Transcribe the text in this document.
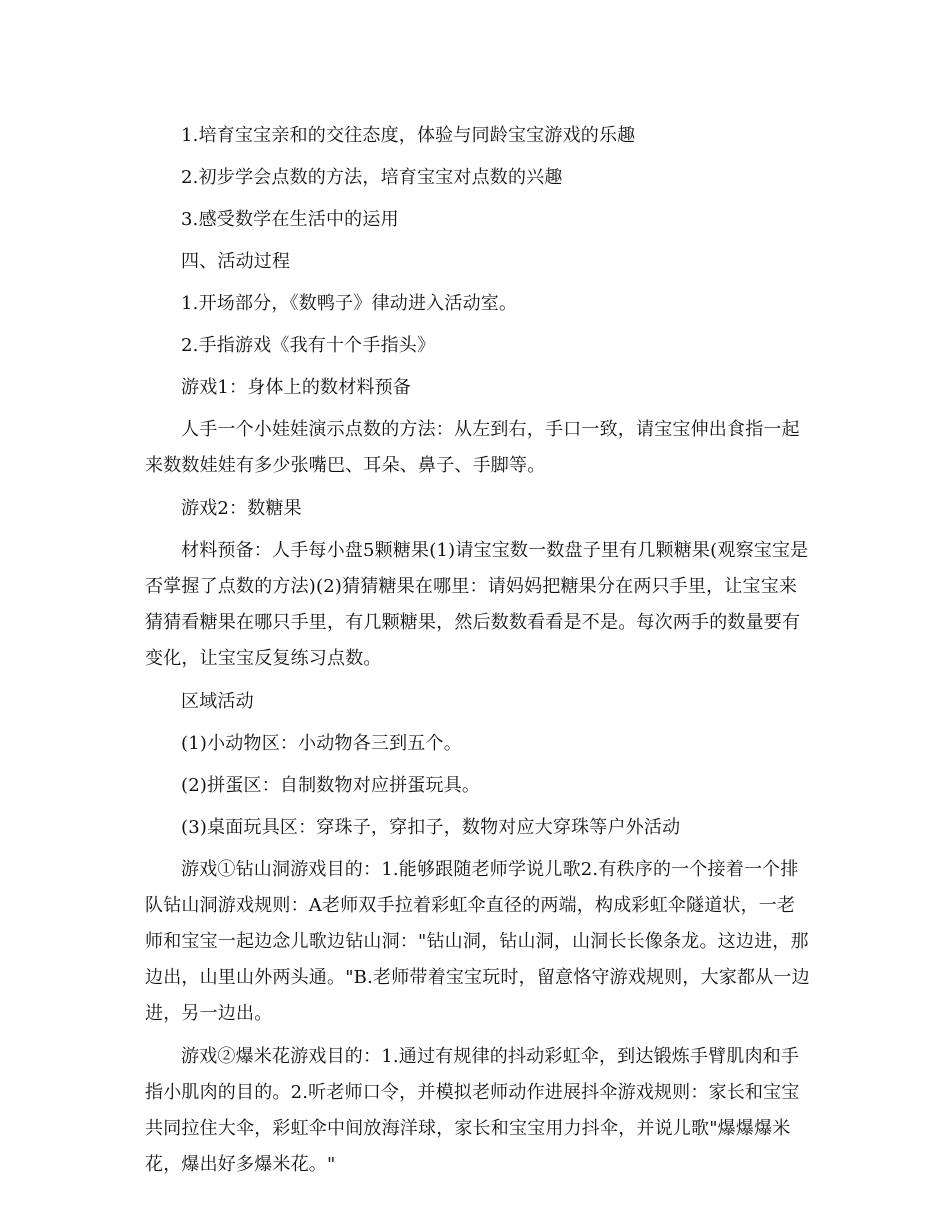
1.培育宝宝亲和的交往态度，体验与同龄宝宝游戏的乐趣

2.初步学会点数的方法，培育宝宝对点数的兴趣

3.感受数学在生活中的运用

四、活动过程

1.开场部分，《数鸭子》律动进入活动室。

2.手指游戏《我有十个手指头》

游戏1：身体上的数材料预备

人手一个小娃娃演示点数的方法：从左到右，手口一致，请宝宝伸出食指一起来数数娃娃有多少张嘴巴、耳朵、鼻子、手脚等。

游戏2：数糖果

材料预备：人手每小盘5颗糖果(1)请宝宝数一数盘子里有几颗糖果(观察宝宝是否掌握了点数的方法)(2)猜猜糖果在哪里：请妈妈把糖果分在两只手里，让宝宝来猜猜看糖果在哪只手里，有几颗糖果，然后数数看看是不是。每次两手的数量要有变化，让宝宝反复练习点数。

区域活动

(1)小动物区：小动物各三到五个。

(2)拼蛋区：自制数物对应拼蛋玩具。

(3)桌面玩具区：穿珠子，穿扣子，数物对应大穿珠等户外活动

游戏①钻山洞游戏目的：1.能够跟随老师学说儿歌2.有秩序的一个接着一个排队钻山洞游戏规则：A老师双手拉着彩虹伞直径的两端，构成彩虹伞隧道状，一老师和宝宝一起边念儿歌边钻山洞："钻山洞，钻山洞，山洞长长像条龙。这边进，那边出，山里山外两头通。"B.老师带着宝宝玩时，留意恪守游戏规则，大家都从一边进，另一边出。

游戏②爆米花游戏目的：1.通过有规律的抖动彩虹伞，到达锻炼手臂肌肉和手指小肌肉的目的。2.听老师口令，并模拟老师动作进展抖伞游戏规则：家长和宝宝共同拉住大伞，彩虹伞中间放海洋球，家长和宝宝用力抖伞，并说儿歌"爆爆爆米花，爆出好多爆米花。"
